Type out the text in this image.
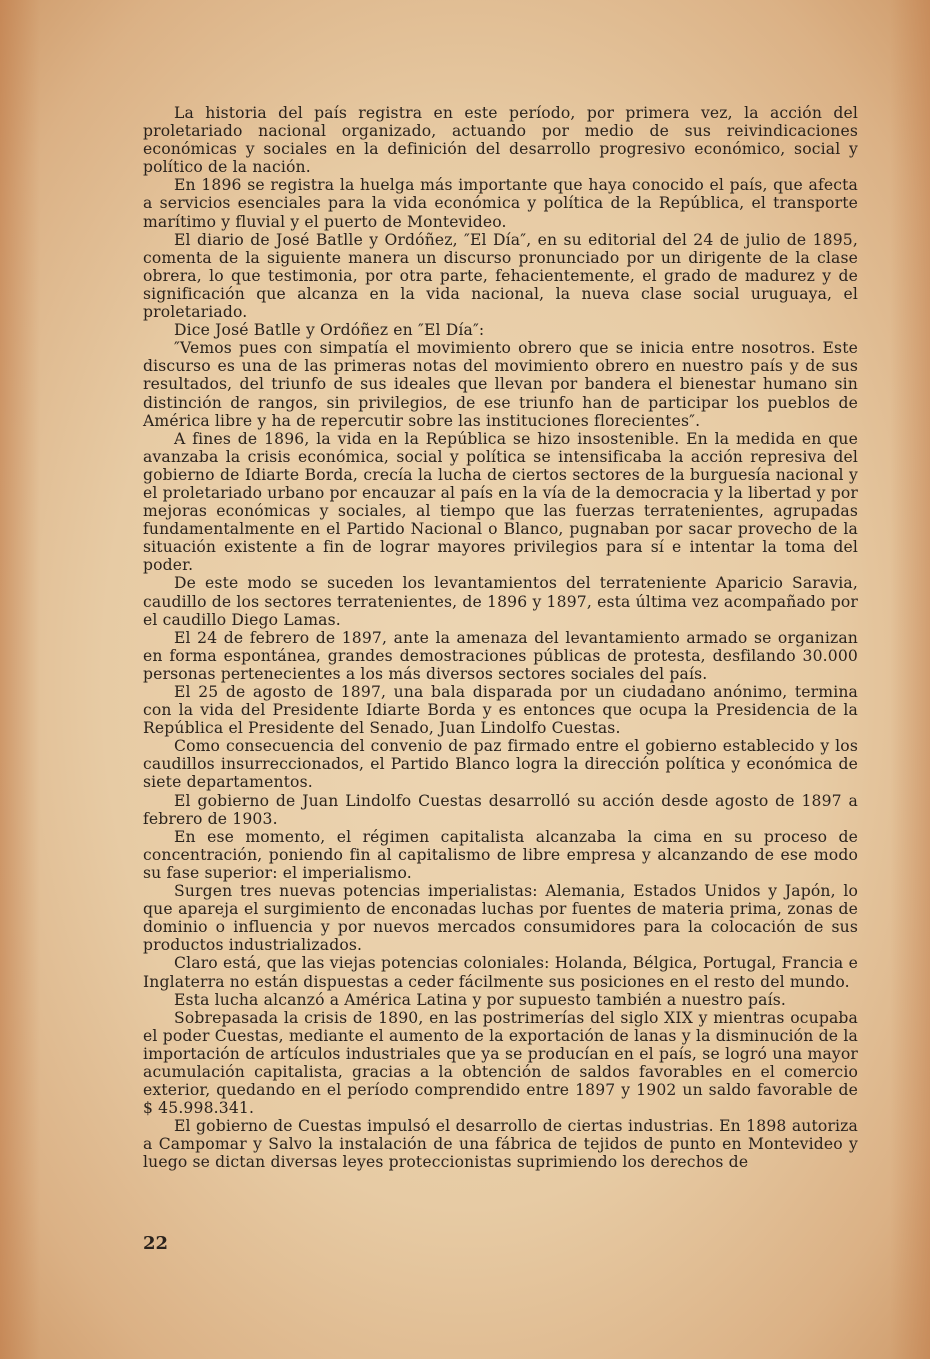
La historia del país registra en este período, por primera vez, la acción del proletariado nacional organizado, actuando por medio de sus reivindicaciones económicas y sociales en la definición del desarrollo progresivo económico, social y político de la nación.

En 1896 se registra la huelga más importante que haya conocido el país, que afecta a servicios esenciales para la vida económica y política de la República, el transporte marítimo y fluvial y el puerto de Montevideo.

El diario de José Batlle y Ordóñez, ″El Día″, en su editorial del 24 de julio de 1895, comenta de la siguiente manera un discurso pronunciado por un dirigente de la clase obrera, lo que testimonia, por otra parte, fehacientemente, el grado de madurez y de significación que alcanza en la vida nacional, la nueva clase social uruguaya, el proletariado.

Dice José Batlle y Ordóñez en ″El Día″:

″Vemos pues con simpatía el movimiento obrero que se inicia entre nosotros. Este discurso es una de las primeras notas del movimiento obrero en nuestro país y de sus resultados, del triunfo de sus ideales que llevan por bandera el bienestar humano sin distinción de rangos, sin privilegios, de ese triunfo han de participar los pueblos de América libre y ha de repercutir sobre las instituciones florecientes″.

A fines de 1896, la vida en la República se hizo insostenible. En la medida en que avanzaba la crisis económica, social y política se intensificaba la acción represiva del gobierno de Idiarte Borda, crecía la lucha de ciertos sectores de la burguesía nacional y el proletariado urbano por encauzar al país en la vía de la democracia y la libertad y por mejoras económicas y sociales, al tiempo que las fuerzas terratenientes, agrupadas fundamentalmente en el Partido Nacional o Blanco, pugnaban por sacar provecho de la situación existente a fin de lograr mayores privilegios para sí e intentar la toma del poder.

De este modo se suceden los levantamientos del terrateniente Aparicio Saravia, caudillo de los sectores terratenientes, de 1896 y 1897, esta última vez acompañado por el caudillo Diego Lamas.

El 24 de febrero de 1897, ante la amenaza del levantamiento armado se organizan en forma espontánea, grandes demostraciones públicas de protesta, desfilando 30.000 personas pertenecientes a los más diversos sectores sociales del país.

El 25 de agosto de 1897, una bala disparada por un ciudadano anónimo, termina con la vida del Presidente Idiarte Borda y es entonces que ocupa la Presidencia de la República el Presidente del Senado, Juan Lindolfo Cuestas.

Como consecuencia del convenio de paz firmado entre el gobierno establecido y los caudillos insurreccionados, el Partido Blanco logra la dirección política y económica de siete departamentos.

El gobierno de Juan Lindolfo Cuestas desarrolló su acción desde agosto de 1897 a febrero de 1903.

En ese momento, el régimen capitalista alcanzaba la cima en su proceso de concentración, poniendo fin al capitalismo de libre empresa y alcanzando de ese modo su fase superior: el imperialismo.

Surgen tres nuevas potencias imperialistas: Alemania, Estados Unidos y Japón, lo que apareja el surgimiento de enconadas luchas por fuentes de materia prima, zonas de dominio o influencia y por nuevos mercados consumidores para la colocación de sus productos industrializados.

Claro está, que las viejas potencias coloniales: Holanda, Bélgica, Portugal, Francia e Inglaterra no están dispuestas a ceder fácilmente sus posiciones en el resto del mundo.

Esta lucha alcanzó a América Latina y por supuesto también a nuestro país.

Sobrepasada la crisis de 1890, en las postrimerías del siglo XIX y mientras ocupaba el poder Cuestas, mediante el aumento de la exportación de lanas y la disminución de la importación de artículos industriales que ya se producían en el país, se logró una mayor acumulación capitalista, gracias a la obtención de saldos favorables en el comercio exterior, quedando en el período comprendido entre 1897 y 1902 un saldo favorable de $ 45.998.341.

El gobierno de Cuestas impulsó el desarrollo de ciertas industrias. En 1898 autoriza a Campomar y Salvo la instalación de una fábrica de tejidos de punto en Montevideo y luego se dictan diversas leyes proteccionistas suprimiendo los derechos de

22
